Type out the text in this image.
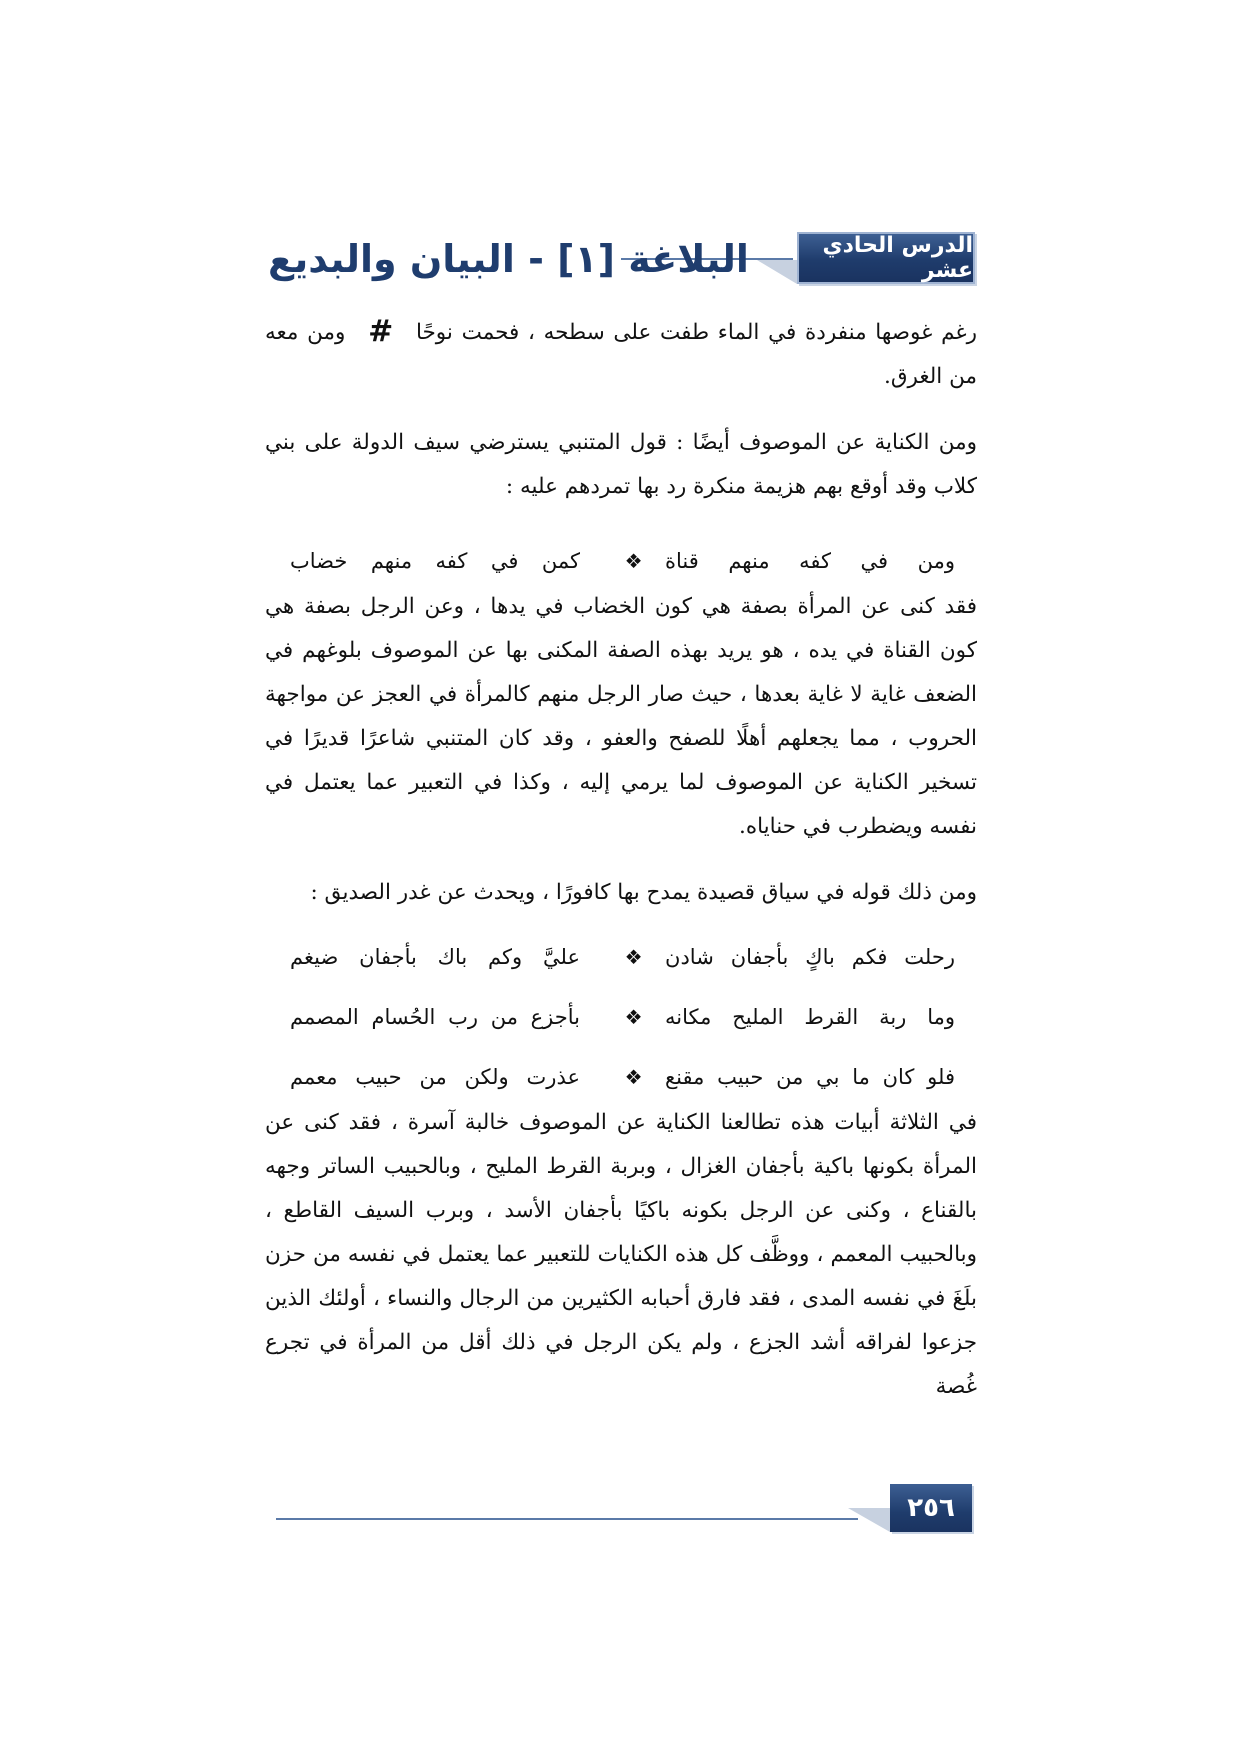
الدرس الحادي عشر
البلاغة [١] - البيان والبديع

رغم غوصها منفردة في الماء طفت على سطحه ، فحمت نوحًا # ومن معه من الغرق.

ومن الكناية عن الموصوف أيضًا : قول المتنبي يسترضي سيف الدولة على بني كلاب وقد أوقع بهم هزيمة منكرة رد بها تمردهم عليه :

ومن
في
كفه
منهم
قناة
❖
كمن
في
كفه
منهم
خضاب

فقد كنى عن المرأة بصفة هي كون الخضاب في يدها ، وعن الرجل بصفة هي كون القناة في يده ، هو يريد بهذه الصفة المكنى بها عن الموصوف بلوغهم في الضعف غاية لا غاية بعدها ، حيث صار الرجل منهم كالمرأة في العجز عن مواجهة الحروب ، مما يجعلهم أهلًا للصفح والعفو ، وقد كان المتنبي شاعرًا قديرًا في تسخير الكناية عن الموصوف لما يرمي إليه ، وكذا في التعبير عما يعتمل في نفسه ويضطرب في حناياه.

ومن ذلك قوله في سياق قصيدة يمدح بها كافورًا ، ويحدث عن غدر الصديق :

رحلت
فكم
باكٍ
بأجفان
شادن
❖
عليَّ
وكم
باك
بأجفان
ضيغم
وما
ربة
القرط
المليح
مكانه
❖
بأجزع
من
رب
الحُسام
المصمم
فلو
كان
ما
بي
من
حبيب
مقنع
❖
عذرت
ولكن
من
حبيب
معمم

في الثلاثة أبيات هذه تطالعنا الكناية عن الموصوف خالبة آسرة ، فقد كنى عن المرأة بكونها باكية بأجفان الغزال ، وبربة القرط المليح ، وبالحبيب الساتر وجهه بالقناع ، وكنى عن الرجل بكونه باكيًا بأجفان الأسد ، وبرب السيف القاطع ، وبالحبيب المعمم ، ووظَّف كل هذه الكنايات للتعبير عما يعتمل في نفسه من حزن بلَغَ في نفسه المدى ، فقد فارق أحبابه الكثيرين من الرجال والنساء ، أولئك الذين جزعوا لفراقه أشد الجزع ، ولم يكن الرجل في ذلك أقل من المرأة في تجرع غُصة

٢٥٦
